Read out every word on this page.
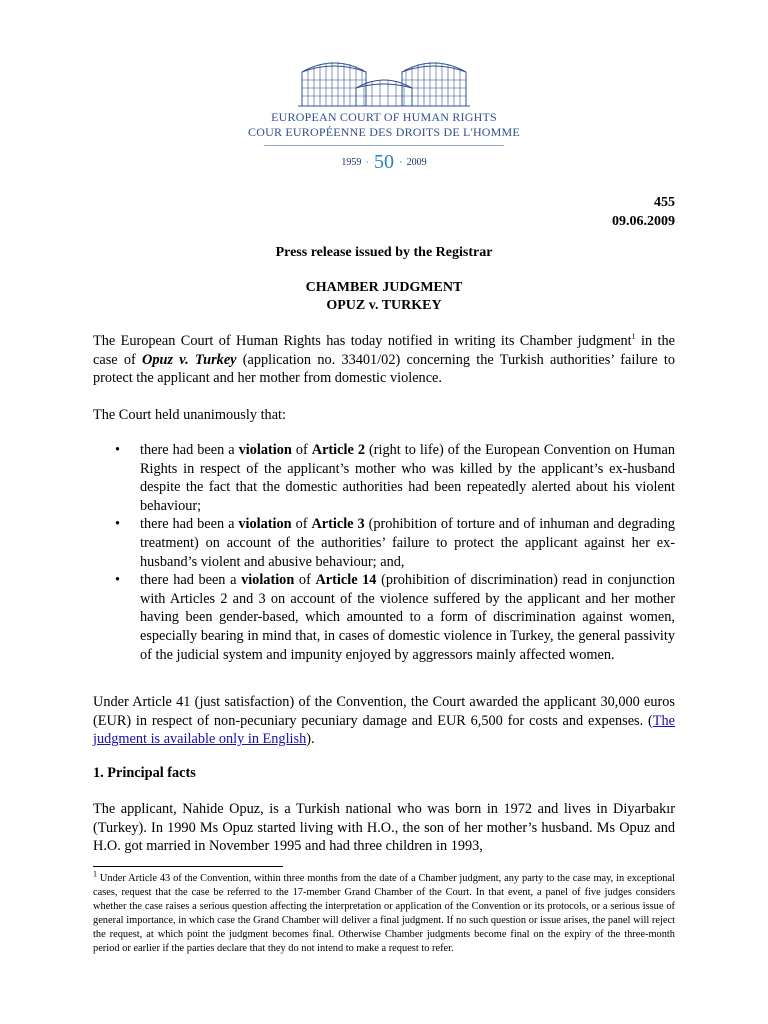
EUROPEAN COURT OF HUMAN RIGHTS
COUR EUROPÉENNE DES DROITS DE L'HOMME
1959 · 50 · 2009
455
09.06.2009
Press release issued by the Registrar
CHAMBER JUDGMENT
OPUZ v. TURKEY
The European Court of Human Rights has today notified in writing its Chamber judgment$^1$ in the case of Opuz v. Turkey (application no. 33401/02) concerning the Turkish authorities’ failure to protect the applicant and her mother from domestic violence.
The Court held unanimously that:
• there had been a violation of Article 2 (right to life) of the European Convention on Human Rights in respect of the applicant’s mother who was killed by the applicant’s ex-husband despite the fact that the domestic authorities had been repeatedly alerted about his violent behaviour;
• there had been a violation of Article 3 (prohibition of torture and of inhuman and degrading treatment) on account of the authorities’ failure to protect the applicant against her ex-husband’s violent and abusive behaviour; and,
• there had been a violation of Article 14 (prohibition of discrimination) read in conjunction with Articles 2 and 3 on account of the violence suffered by the applicant and her mother having been gender-based, which amounted to a form of discrimination against women, especially bearing in mind that, in cases of domestic violence in Turkey, the general passivity of the judicial system and impunity enjoyed by aggressors mainly affected women.
Under Article 41 (just satisfaction) of the Convention, the Court awarded the applicant 30,000 euros (EUR) in respect of non-pecuniary pecuniary damage and EUR 6,500 for costs and expenses. (The judgment is available only in English).
1. Principal facts
The applicant, Nahide Opuz, is a Turkish national who was born in 1972 and lives in Diyarbakır (Turkey). In 1990 Ms Opuz started living with H.O., the son of her mother’s husband. Ms Opuz and H.O. got married in November 1995 and had three children in 1993,
$^1$ Under Article 43 of the Convention, within three months from the date of a Chamber judgment, any party to the case may, in exceptional cases, request that the case be referred to the 17-member Grand Chamber of the Court. In that event, a panel of five judges considers whether the case raises a serious question affecting the interpretation or application of the Convention or its protocols, or a serious issue of general importance, in which case the Grand Chamber will deliver a final judgment. If no such question or issue arises, the panel will reject the request, at which point the judgment becomes final. Otherwise Chamber judgments become final on the expiry of the three-month period or earlier if the parties declare that they do not intend to make a request to refer.
